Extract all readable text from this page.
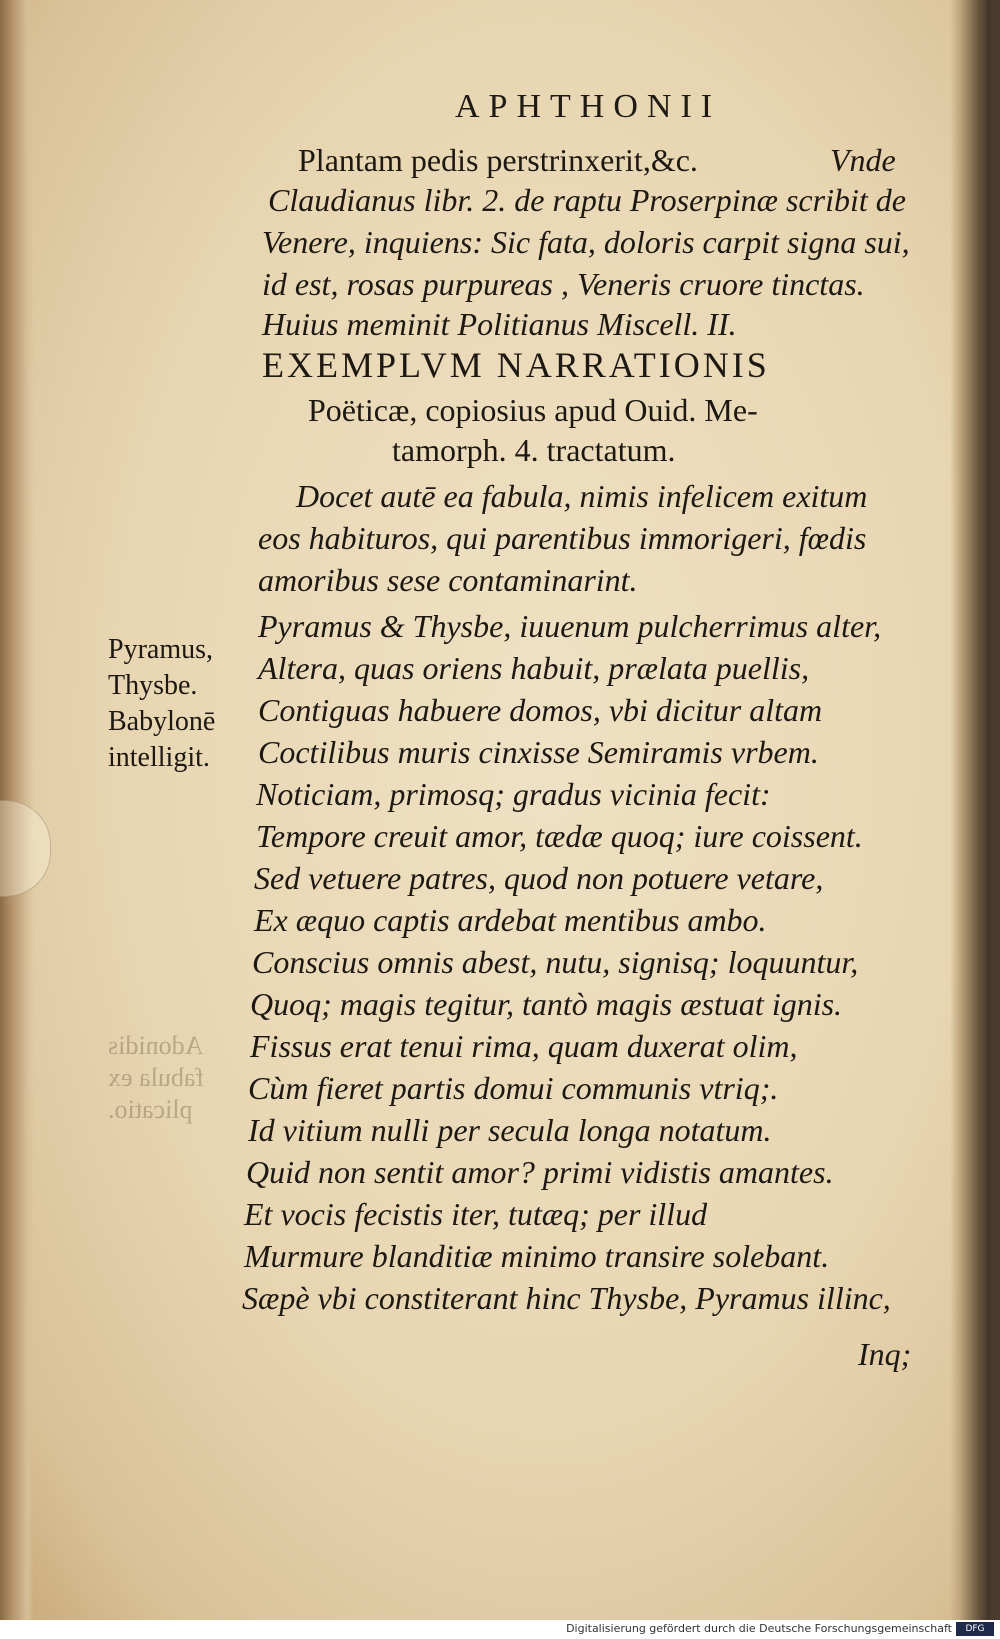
APHTHONII
Plantam pedis perstrinxerit,&c.	Vnde
Claudianus libr. 2. de raptu Proserpinæ scribit de
Venere, inquiens: Sic fata, doloris carpit signa sui,
id est, rosas purpureas , Veneris cruore tinctas.
Huius meminit Politianus Miscell. II.
EXEMPLVM NARRATIONIS
Poëticæ, copiosius apud Ouid. Me-
tamorph. 4. tractatum.
Docet autē ea fabula, nimis infelicem exitum
eos habituros, qui parentibus immorigeri, fœdis
amoribus sese contaminarint.
Pyramus & Thysbe, iuuenum pulcherrimus alter,
Altera, quas oriens habuit, prælata puellis,
Contiguas habuere domos, vbi dicitur altam
Coctilibus muris cinxisse Semiramis vrbem.
Noticiam, primosq; gradus vicinia fecit:
Tempore creuit amor, tædæ quoq; iure coissent.
Sed vetuere patres, quod non potuere vetare,
Ex æquo captis ardebat mentibus ambo.
Conscius omnis abest, nutu, signisq; loquuntur,
Quoq; magis tegitur, tantò magis æstuat ignis.
Fissus erat tenui rima, quam duxerat olim,
Cùm fieret partis domui communis vtriq;.
Id vitium nulli per secula longa notatum.
Quid non sentit amor? primi vidistis amantes.
Et vocis fecistis iter, tutæq; per illud
Murmure blanditiæ minimo transire solebant.
Sæpè vbi constiterant hinc Thysbe, Pyramus illinc,
Inq;
Pyramus,
Thysbe.
Babylonē
intelligit.
Adonidis
fabula ex
plicatio.
Digitalisierung gefördert durch die Deutsche Forschungsgemeinschaft	DFG
